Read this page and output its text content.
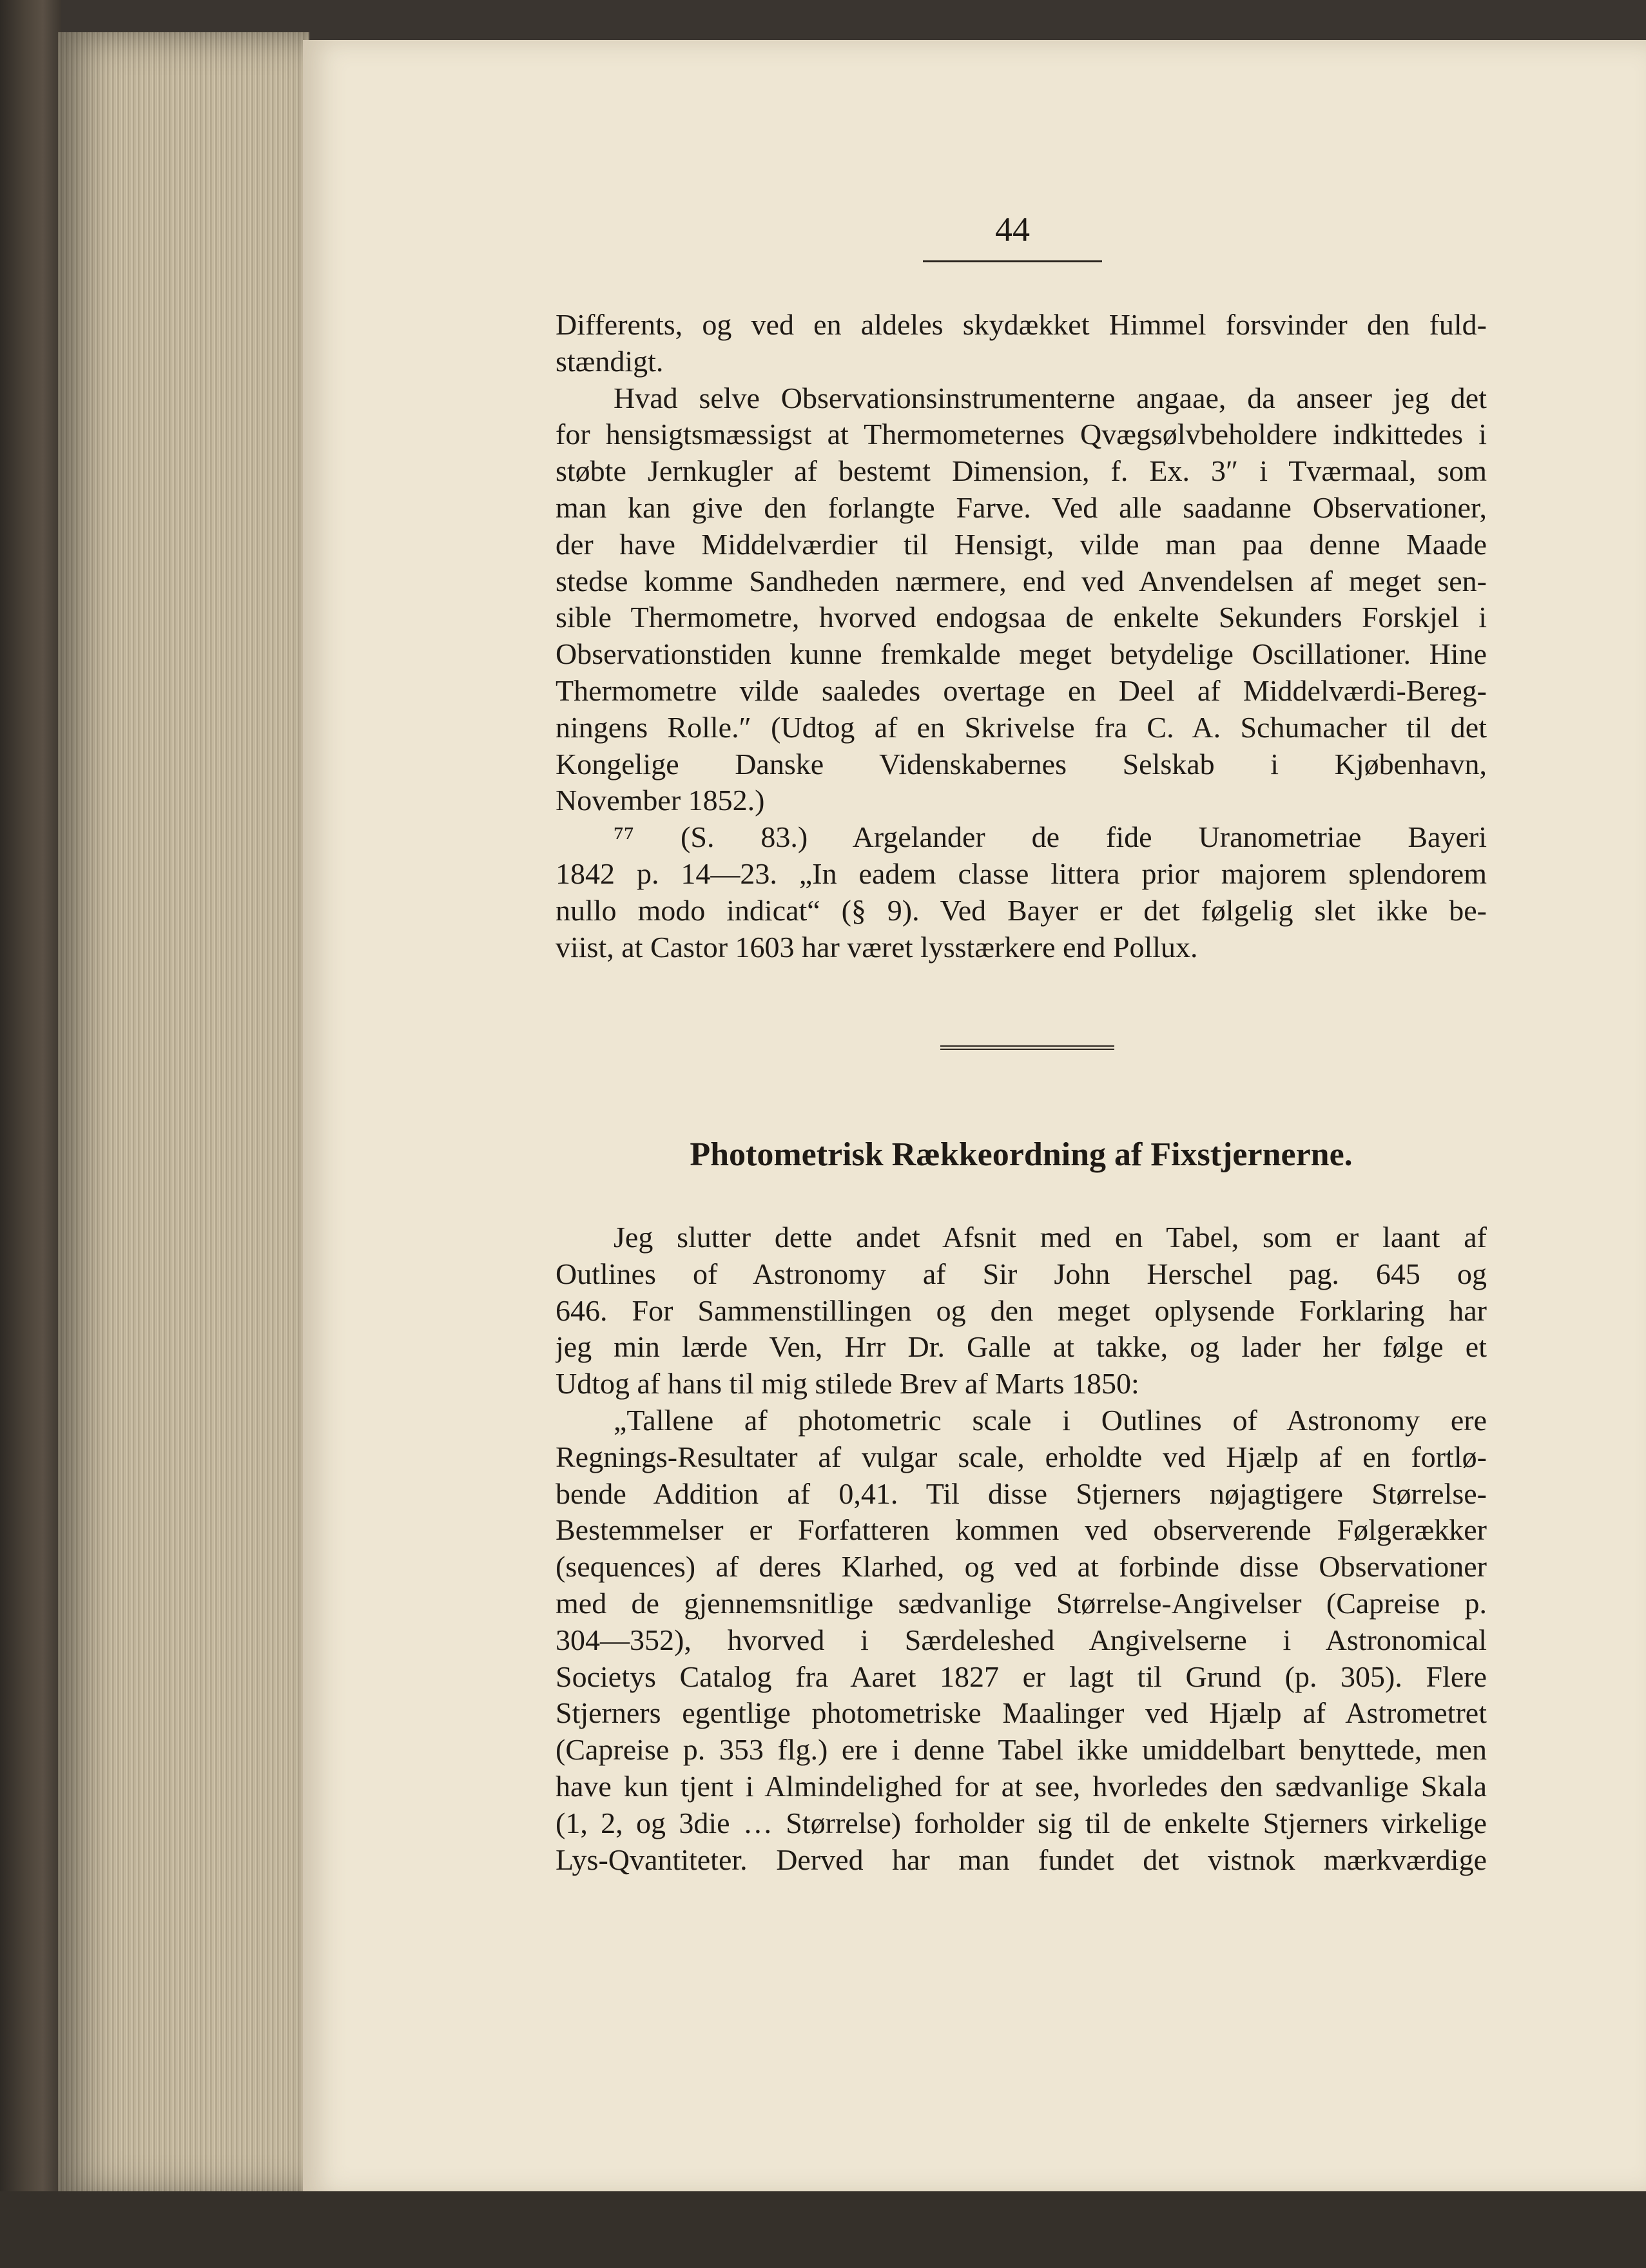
44
Differents, og ved en aldeles skydækket Himmel forsvinder den fuld-
stændigt.
Hvad selve Observationsinstrumenterne angaae, da anseer jeg det
for hensigtsmæssigst at Thermometernes Qvægsølvbeholdere indkittedes i
støbte Jernkugler af bestemt Dimension, f. Ex. 3″ i Tværmaal, som
man kan give den forlangte Farve. Ved alle saadanne Observationer,
der have Middelværdier til Hensigt, vilde man paa denne Maade
stedse komme Sandheden nærmere, end ved Anvendelsen af meget sen-
sible Thermometre, hvorved endogsaa de enkelte Sekunders Forskjel i
Observationstiden kunne fremkalde meget betydelige Oscillationer. Hine
Thermometre vilde saaledes overtage en Deel af Middelværdi-Bereg-
ningens Rolle.″ (Udtog af en Skrivelse fra C. A. Schumacher til det
Kongelige Danske Videnskabernes Selskab i Kjøbenhavn,
November 1852.)
⁷⁷ (S. 83.) Argelander de fide Uranometriae Bayeri
1842 p. 14—23. „In eadem classe littera prior majorem splendorem
nullo modo indicat“ (§ 9). Ved Bayer er det følgelig slet ikke be-
viist, at Castor 1603 har været lysstærkere end Pollux.
Photometrisk Rækkeordning af Fixstjernerne.
Jeg slutter dette andet Afsnit med en Tabel, som er laant af
Outlines of Astronomy af Sir John Herschel pag. 645 og
646. For Sammenstillingen og den meget oplysende Forklaring har
jeg min lærde Ven, Hrr Dr. Galle at takke, og lader her følge et
Udtog af hans til mig stilede Brev af Marts 1850:
„Tallene af photometric scale i Outlines of Astronomy ere
Regnings-Resultater af vulgar scale, erholdte ved Hjælp af en fortlø-
bende Addition af 0,41. Til disse Stjerners nøjagtigere Størrelse-
Bestemmelser er Forfatteren kommen ved observerende Følgerækker
(sequences) af deres Klarhed, og ved at forbinde disse Observationer
med de gjennemsnitlige sædvanlige Størrelse-Angivelser (Capreise p.
304—352), hvorved i Særdeleshed Angivelserne i Astronomical
Societys Catalog fra Aaret 1827 er lagt til Grund (p. 305). Flere
Stjerners egentlige photometriske Maalinger ved Hjælp af Astrometret
(Capreise p. 353 flg.) ere i denne Tabel ikke umiddelbart benyttede, men
have kun tjent i Almindelighed for at see, hvorledes den sædvanlige Skala
(1, 2, og 3die … Størrelse) forholder sig til de enkelte Stjerners virkelige
Lys-Qvantiteter. Derved har man fundet det vistnok mærkværdige
